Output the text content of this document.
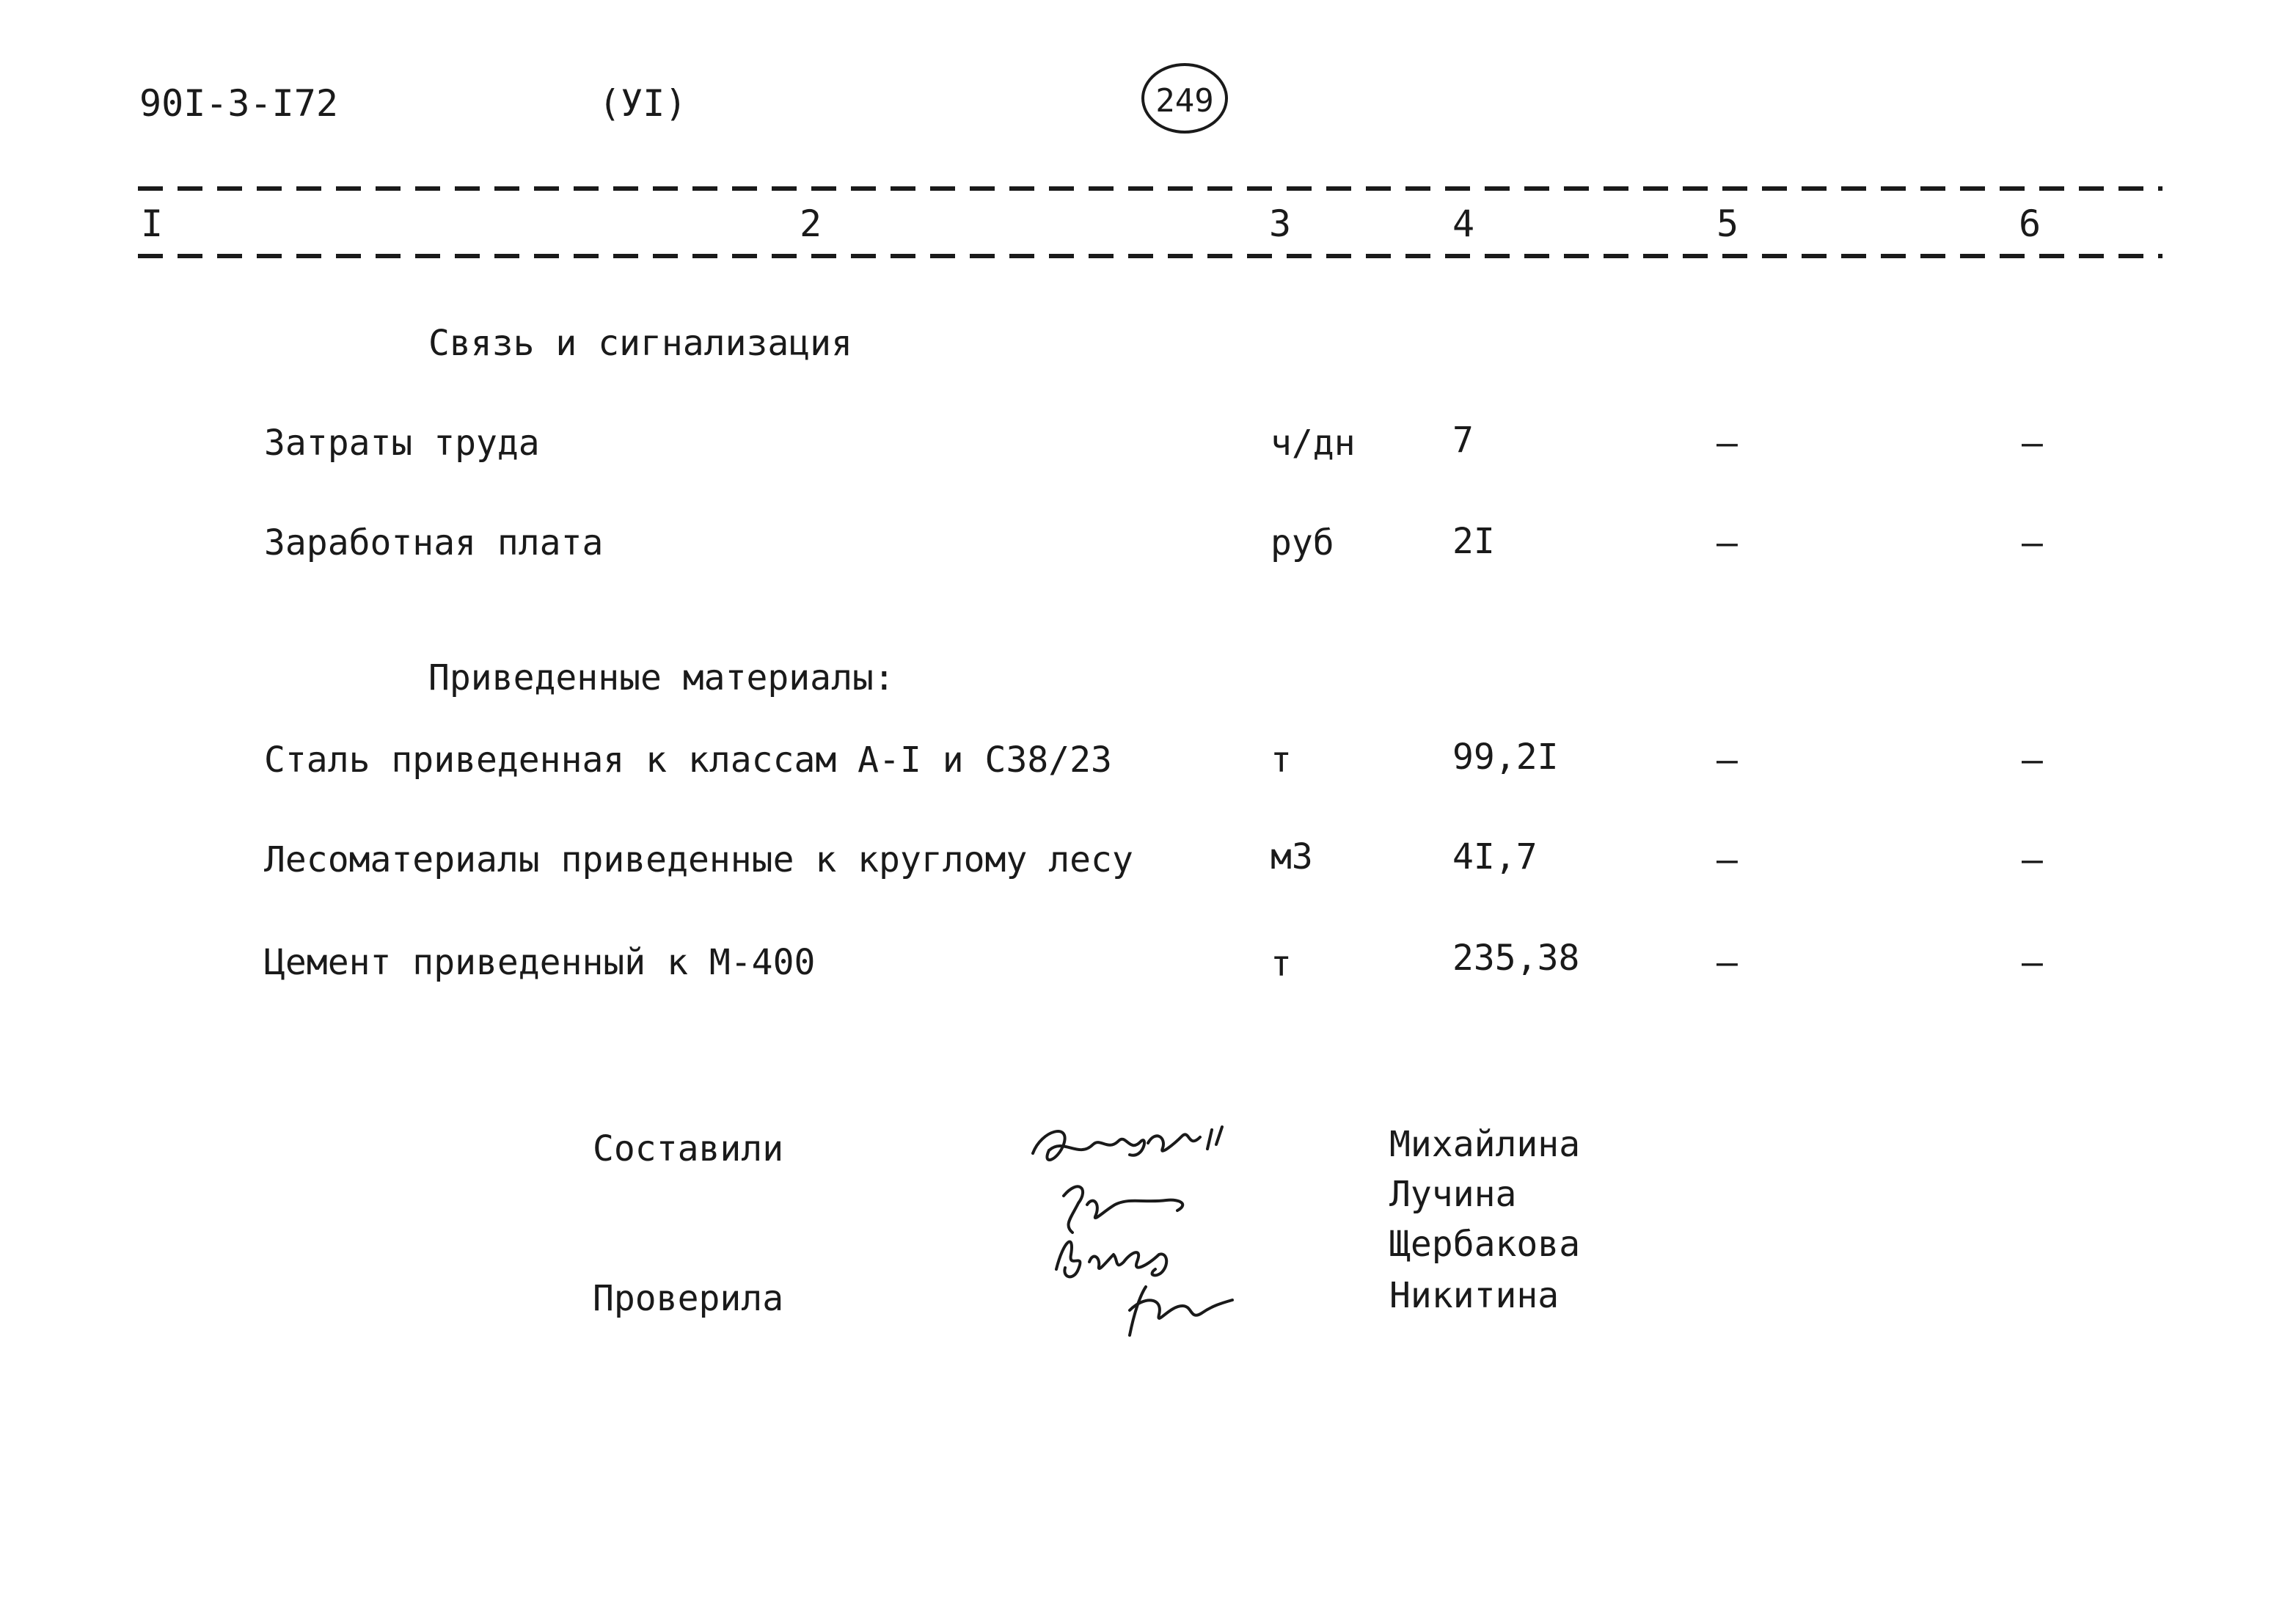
90I-3-I72	(УI)	249
I	2	3	4	5	6
Связь и сигнализация
Затраты труда	ч/дн	7	–	–
Заработная плата	руб	2I	–	–
Приведенные материалы:
Сталь приведенная к классам А-I и С38/23	т	99,2I	–	–
Лесоматериалы приведенные к круглому лесу	м3	4I,7	–	–
Цемент приведенный к М-400	т	235,38	–	–
Составили
Проверила
Михайлина
Лучина
Щербакова
Никитина
